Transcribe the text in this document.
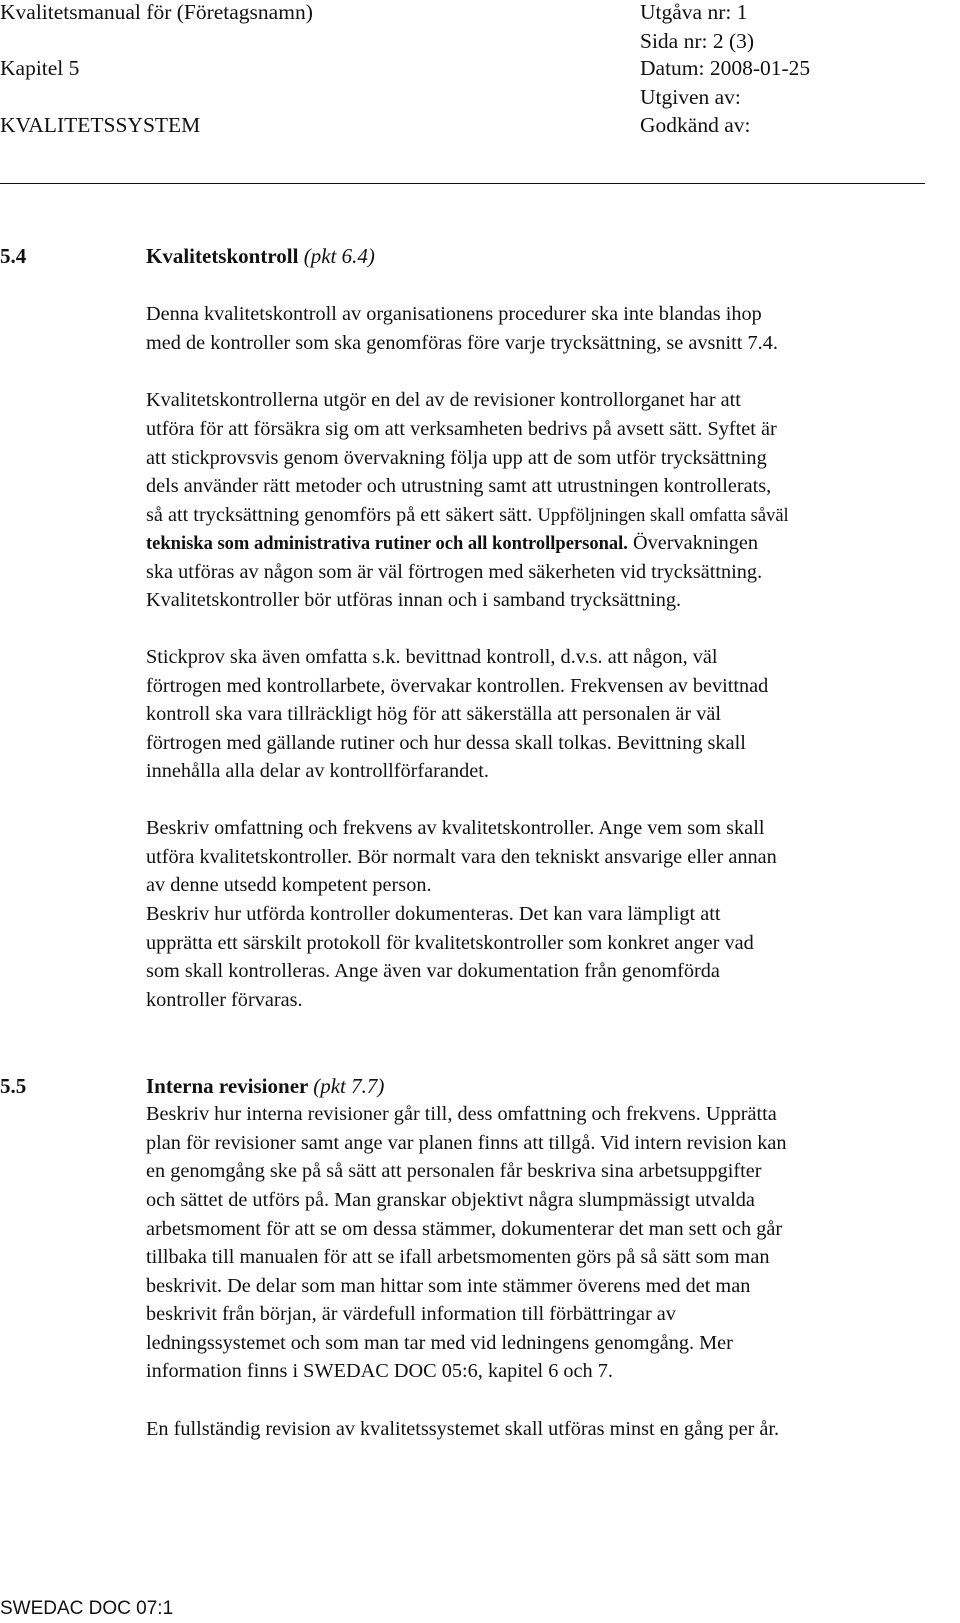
Kvalitetsmanual för (Företagsnamn)
Kapitel 5
KVALITETSSYSTEM
Utgåva nr: 1
Sida nr: 2 (3)
Datum: 2008-01-25
Utgiven av:
Godkänd av:
5.4	Kvalitetskontroll (pkt 6.4)
Denna kvalitetskontroll av organisationens procedurer ska inte blandas ihop
med de kontroller som ska genomföras före varje trycksättning, se avsnitt 7.4.
Kvalitetskontrollerna utgör en del av de revisioner kontrollorganet har att
utföra för att försäkra sig om att verksamheten bedrivs på avsett sätt. Syftet är
att stickprovsvis genom övervakning följa upp att de som utför trycksättning
dels använder rätt metoder och utrustning samt att utrustningen kontrollerats,
så att trycksättning genomförs på ett säkert sätt. Uppföljningen skall omfatta såväl
tekniska som administrativa rutiner och all kontrollpersonal. Övervakningen
ska utföras av någon som är väl förtrogen med säkerheten vid trycksättning.
Kvalitetskontroller bör utföras innan och i samband trycksättning.
Stickprov ska även omfatta s.k. bevittnad kontroll, d.v.s. att någon, väl
förtrogen med kontrollarbete, övervakar kontrollen. Frekvensen av bevittnad
kontroll ska vara tillräckligt hög för att säkerställa att personalen är väl
förtrogen med gällande rutiner och hur dessa skall tolkas. Bevittning skall
innehålla alla delar av kontrollförfarandet.
Beskriv omfattning och frekvens av kvalitetskontroller. Ange vem som skall
utföra kvalitetskontroller. Bör normalt vara den tekniskt ansvarige eller annan
av denne utsedd kompetent person.
Beskriv hur utförda kontroller dokumenteras. Det kan vara lämpligt att
upprätta ett särskilt protokoll för kvalitetskontroller som konkret anger vad
som skall kontrolleras. Ange även var dokumentation från genomförda
kontroller förvaras.
5.5	Interna revisioner (pkt 7.7)
Beskriv hur interna revisioner går till, dess omfattning och frekvens. Upprätta
plan för revisioner samt ange var planen finns att tillgå. Vid intern revision kan
en genomgång ske på så sätt att personalen får beskriva sina arbetsuppgifter
och sättet de utförs på. Man granskar objektivt några slumpmässigt utvalda
arbetsmoment för att se om dessa stämmer, dokumenterar det man sett och går
tillbaka till manualen för att se ifall arbetsmomenten görs på så sätt som man
beskrivit. De delar som man hittar som inte stämmer överens med det man
beskrivit från början, är värdefull information till förbättringar av
ledningssystemet och som man tar med vid ledningens genomgång. Mer
information finns i SWEDAC DOC 05:6, kapitel 6 och 7.
En fullständig revision av kvalitetssystemet skall utföras minst en gång per år.
SWEDAC DOC 07:1
